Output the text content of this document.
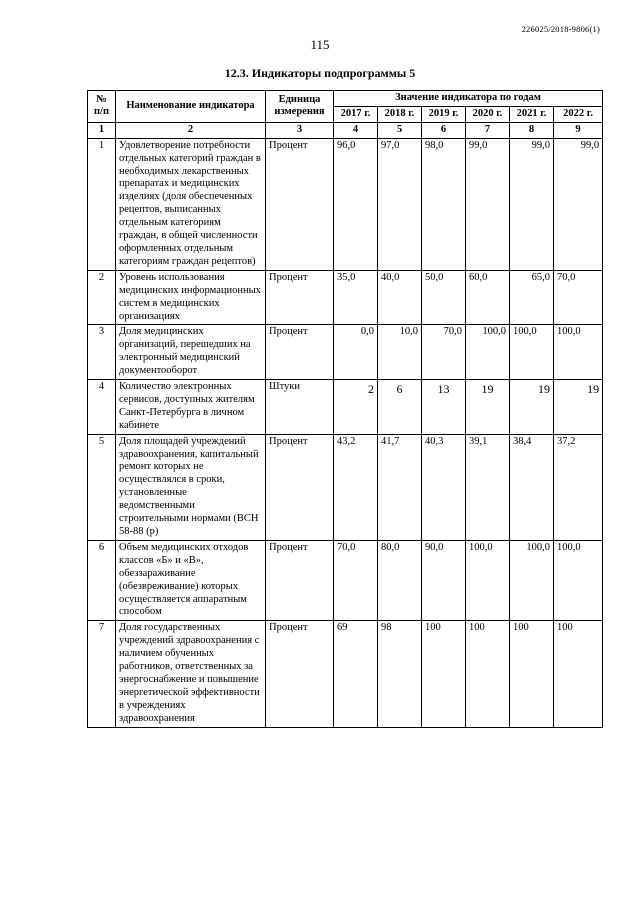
226025/2018-9806(1)
115
12.3. Индикаторы подпрограммы 5
№ п/п	Наименование индикатора	Единица измерения	Значение индикатора по годам					
			2017 г.	2018 г.	2019 г.	2020 г.	2021 г.	2022 г.
1	2	3	4	5	6	7	8	9
1	Удовлетворение потребности отдельных категорий граждан в необходимых лекарственных препаратах и медицинских изделиях (доля обеспеченных рецептов, выписанных отдельным категориям граждан, в общей численности оформленных отдельным категориям граждан рецептов)	Процент	96,0	97,0	98,0	99,0	99,0	99,0
2	Уровень использования медицинских информационных систем в медицинских организациях	Процент	35,0	40,0	50,0	60,0	65,0	70,0
3	Доля медицинских организаций, перешедших на электронный медицинский документооборот	Процент	0,0	10,0	70,0	100,0	100,0	100,0
4	Количество электронных сервисов, доступных жителям Санкт-Петербурга в личном кабинете	Штуки	2	6	13	19	19	19
5	Доля площадей учреждений здравоохранения, капитальный ремонт которых не осуществлялся в сроки, установленные ведомственными строительными нормами (ВСН 58-88 (р)	Процент	43,2	41,7	40,3	39,1	38,4	37,2
6	Объем медицинских отходов классов «Б» и «В», обеззараживание (обезвреживание) которых осуществляется аппаратным способом	Процент	70,0	80,0	90,0	100,0	100,0	100,0
7	Доля государственных учреждений здравоохранения с наличием обученных работников, ответственных за энергоснабжение и повышение энергетической эффективности в учреждениях здравоохранения	Процент	69	98	100	100	100	100
